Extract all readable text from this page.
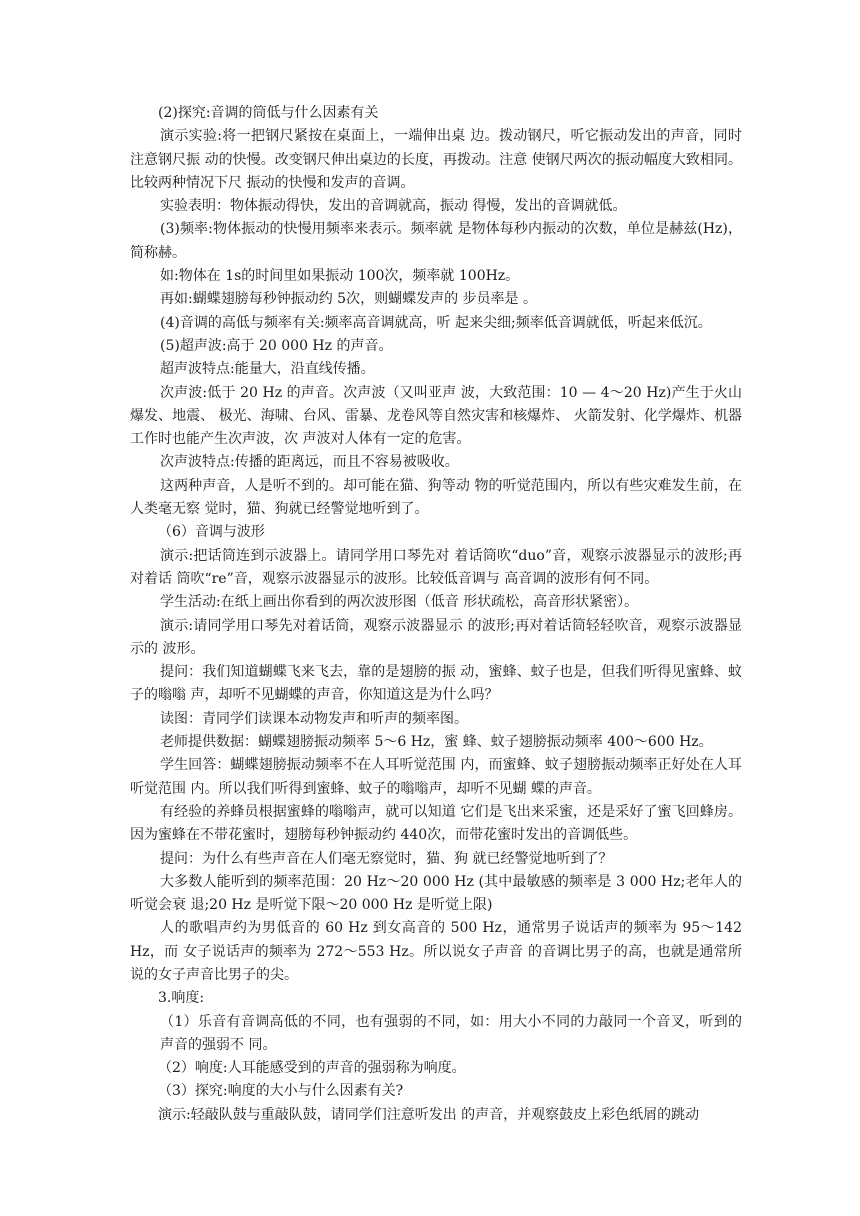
(2)探究:音调的筒低与什么因素有关

演示实验:将一把钢尺紧按在桌面上，一端伸出桌 边。拨动钢尺，听它振动发出的声音，同时注意钢尺振 动的快慢。改变钢尺伸出桌边的长度，再拨动。注意 使钢尺两次的振动幅度大致相同。比较两种情况下尺 振动的快慢和发声的音调。

实验表明：物体振动得快，发出的音调就高，振动 得慢，发出的音调就低。

(3)频率:物体振动的快慢用频率来表示。频率就 是物体每秒内振动的次数，单位是赫兹(Hz)，简称赫。

如:物体在 1s的时间里如果振动 100次，频率就 100Hz。

再如:蝴蝶翅膀每秒钟振动约 5次，则蝴蝶发声的 步员率是 。

(4)音调的高低与频率有关:频率高音调就高，听 起来尖细;频率低音调就低，听起来低沉。

(5)超声波:高于 20 000 Hz 的声音。

超声波特点:能量大，沿直线传播。

次声波:低于 20 Hz 的声音。次声波（又叫亚声 波，大致范围：10 — 4～20 Hz)产生于火山爆发、地震、 极光、海啸、台风、雷暴、龙卷风等自然灾害和核爆炸、 火箭发射、化学爆炸、机器工作时也能产生次声波，次 声波对人体有一定的危害。

次声波特点:传播的距离远，而且不容易被吸收。

这两种声音，人是听不到的。却可能在猫、狗等动 物的听觉范围内，所以有些灾难发生前，在人类毫无察 觉时，猫、狗就已经警觉地听到了。

（6）音调与波形

演示:把话筒连到示波器上。请同学用口琴先对 着话筒吹“duo”音，观察示波器显示的波形;再对着话 筒吹“re”音，观察示波器显示的波形。比较低音调与 高音调的波形有何不同。

学生活动:在纸上画出你看到的两次波形图（低音 形状疏松，高音形状紧密）。

演示:请同学用口琴先对着话筒，观察示波器显示 的波形;再对着话筒轻轻吹音，观察示波器显示的 波形。

提问：我们知道蝴蝶飞来飞去，靠的是翅膀的振 动，蜜蜂、蚊子也是，但我们听得见蜜蜂、蚊子的嗡嗡 声，却听不见蝴蝶的声音，你知道这是为什么吗？

读图：青同学们读课本动物发声和听声的频率图。

老师提供数据：蝴蝶翅膀振动频率 5～6 Hz，蜜 蜂、蚊子翅膀振动频率 400～600 Hz。

学生回答：蝴蝶翅膀振动频率不在人耳听觉范围 内，而蜜蜂、蚊子翅膀振动频率正好处在人耳听觉范围 内。所以我们听得到蜜蜂、蚊子的嗡嗡声，却听不见蝴 蝶的声音。

有经验的养蜂员根据蜜蜂的嗡嗡声，就可以知道 它们是飞出来采蜜，还是采好了蜜飞回蜂房。因为蜜蜂在不带花蜜时，翅膀每秒钟振动约 440次，而带花蜜时发出的音调低些。

提问：为什么有些声音在人们毫无察觉时，猫、狗 就已经警觉地听到了？

大多数人能听到的频率范围：20 Hz～20 000 Hz (其中最敏感的频率是 3 000 Hz;老年人的听觉会衰 退;20 Hz 是听觉下限～20 000 Hz 是听觉上限)

人的歌唱声约为男低音的 60 Hz 到女高音的 500 Hz，通常男子说话声的频率为 95～142 Hz，而 女子说话声的频率为 272～553 Hz。所以说女子声音 的音调比男子的高，也就是通常所说的女子声音比男子的尖。

3.响度:

（1）乐音有音调高低的不同，也有强弱的不同，如：用大小不同的力敲同一个音叉，听到的声音的强弱不 同。

（2）响度:人耳能感受到的声音的强弱称为响度。

（3）探究:响度的大小与什么因素有关?

演示:轻敲队鼓与重敲队鼓，请同学们注意听发出 的声音，并观察鼓皮上彩色纸屑的跳动
